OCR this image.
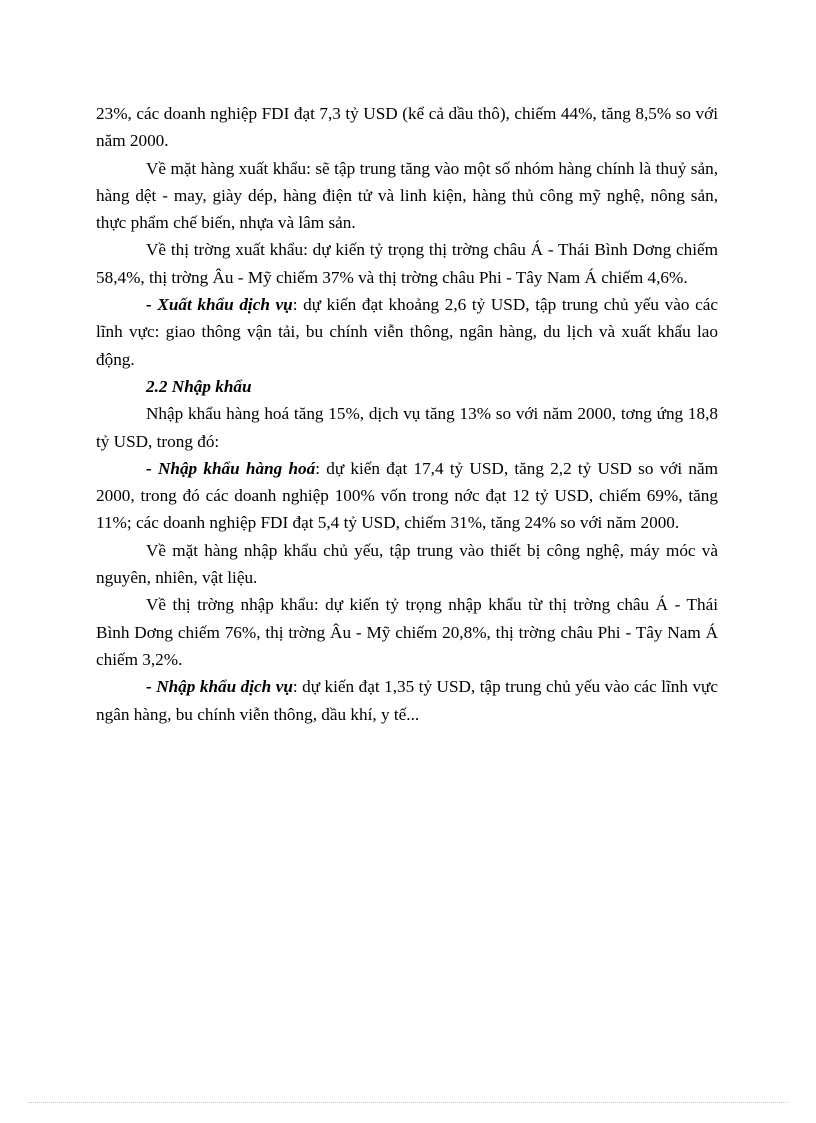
23%, các doanh nghiệp FDI đạt 7,3 tỷ USD (kể cả dầu thô), chiếm 44%, tăng 8,5% so với năm 2000.

Về mặt hàng xuất khẩu: sẽ tập trung tăng vào một số nhóm hàng chính là thuỷ sản, hàng dệt - may, giày dép, hàng điện tử và linh kiện, hàng thủ công mỹ nghệ, nông sản, thực phẩm chế biến, nhựa và lâm sản.

Về thị trờng xuất khẩu: dự kiến tỷ trọng thị trờng châu Á - Thái Bình Dơng chiếm 58,4%, thị trờng Âu - Mỹ chiếm 37% và thị trờng châu Phi - Tây Nam Á chiếm 4,6%.

- Xuất khẩu dịch vụ: dự kiến đạt khoảng 2,6 tỷ USD, tập trung chủ yếu vào các lĩnh vực: giao thông vận tải, bu chính viễn thông, ngân hàng, du lịch và xuất khẩu lao động.

2.2 Nhập khẩu

Nhập khẩu hàng hoá tăng 15%, dịch vụ tăng 13% so với năm 2000, tơng ứng 18,8 tỷ USD, trong đó:

- Nhập khẩu hàng hoá: dự kiến đạt 17,4 tỷ USD, tăng 2,2 tỷ USD so với năm 2000, trong đó các doanh nghiệp 100% vốn trong nớc đạt 12 tỷ USD, chiếm 69%, tăng 11%; các doanh nghiệp FDI đạt 5,4 tỷ USD, chiếm 31%, tăng 24% so với năm 2000.

Về mặt hàng nhập khẩu chủ yếu, tập trung vào thiết bị công nghệ, máy móc và nguyên, nhiên, vật liệu.

Về thị trờng nhập khẩu: dự kiến tỷ trọng nhập khẩu từ thị trờng châu Á - Thái Bình Dơng chiếm 76%, thị trờng Âu - Mỹ chiếm 20,8%, thị trờng châu Phi - Tây Nam Á chiếm 3,2%.

- Nhập khẩu dịch vụ: dự kiến đạt 1,35 tỷ USD, tập trung chủ yếu vào các lĩnh vực ngân hàng, bu chính viễn thông, dầu khí, y tế...
